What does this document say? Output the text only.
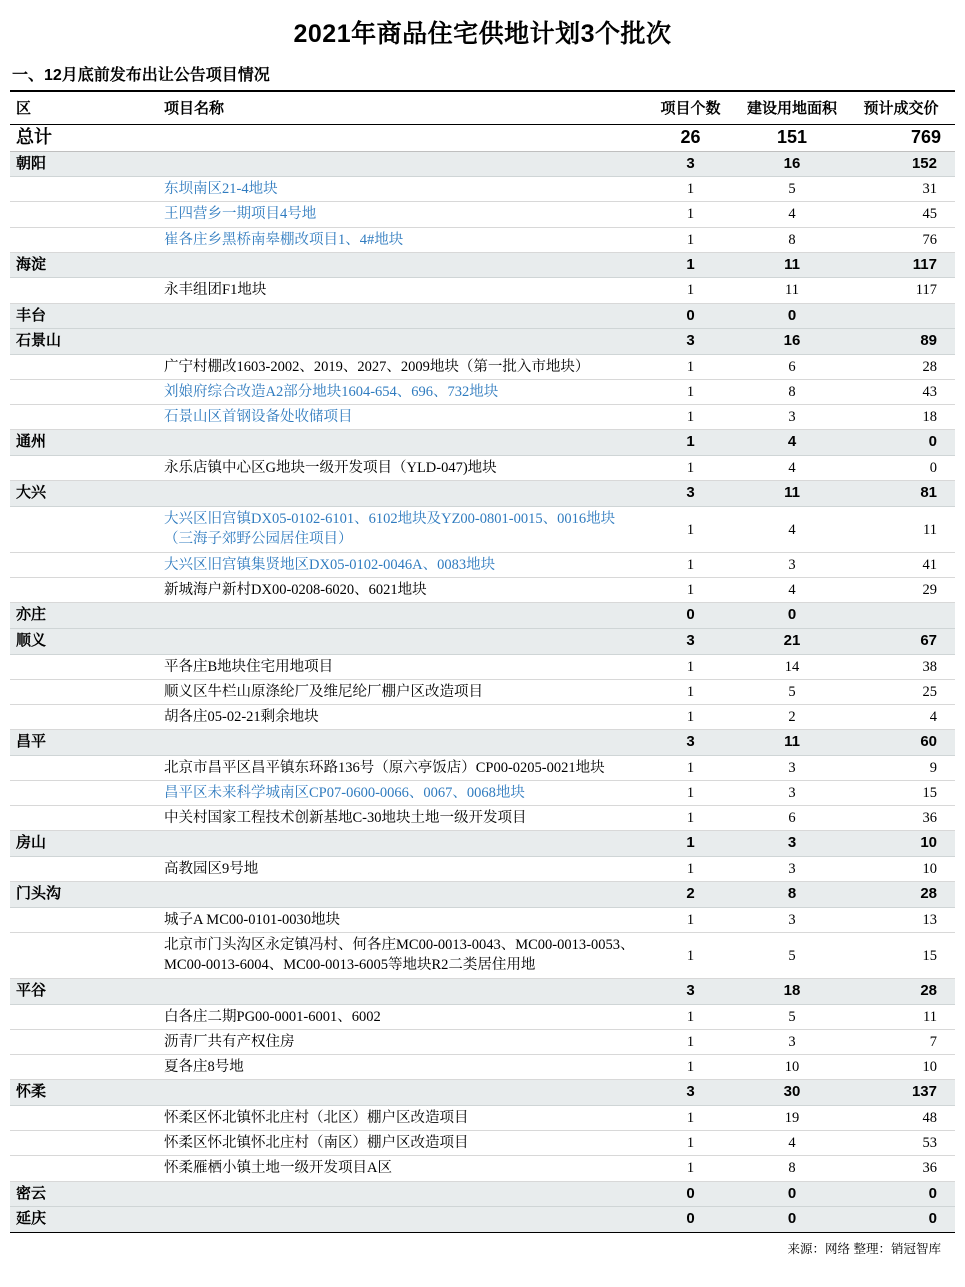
2021年商品住宅供地计划3个批次
一、12月底前发布出让公告项目情况
区	项目名称	项目个数	建设用地面积	预计成交价
总计		26	151	769
朝阳		3	16	152
	东坝南区21-4地块	1	5	31
	王四营乡一期项目4号地	1	4	45
	崔各庄乡黑桥南皋棚改项目1、4#地块	1	8	76
海淀		1	11	117
	永丰组团F1地块	1	11	117
丰台		0	0	
石景山		3	16	89
	广宁村棚改1603-2002、2019、2027、2009地块（第一批入市地块）	1	6	28
	刘娘府综合改造A2部分地块1604-654、696、732地块	1	8	43
	石景山区首钢设备处收储项目	1	3	18
通州		1	4	0
	永乐店镇中心区G地块一级开发项目（YLD-047)地块	1	4	0
大兴		3	11	81
	大兴区旧宫镇DX05-0102-6101、6102地块及YZ00-0801-0015、0016地块（三海子郊野公园居住项目）	1	4	11
	大兴区旧宫镇集贤地区DX05-0102-0046A、0083地块	1	3	41
	新城海户新村DX00-0208-6020、6021地块	1	4	29
亦庄		0	0	
顺义		3	21	67
	平各庄B地块住宅用地项目	1	14	38
	顺义区牛栏山原涤纶厂及维尼纶厂棚户区改造项目	1	5	25
	胡各庄05-02-21剩余地块	1	2	4
昌平		3	11	60
	北京市昌平区昌平镇东环路136号（原六亭饭店）CP00-0205-0021地块	1	3	9
	昌平区未来科学城南区CP07-0600-0066、0067、0068地块	1	3	15
	中关村国家工程技术创新基地C-30地块土地一级开发项目	1	6	36
房山		1	3	10
	高教园区9号地	1	3	10
门头沟		2	8	28
	城子A MC00-0101-0030地块	1	3	13
	北京市门头沟区永定镇冯村、何各庄MC00-0013-0043、MC00-0013-0053、MC00-0013-6004、MC00-0013-6005等地块R2二类居住用地	1	5	15
平谷		3	18	28
	白各庄二期PG00-0001-6001、6002	1	5	11
	沥青厂共有产权住房	1	3	7
	夏各庄8号地	1	10	10
怀柔		3	30	137
	怀柔区怀北镇怀北庄村（北区）棚户区改造项目	1	19	48
	怀柔区怀北镇怀北庄村（南区）棚户区改造项目	1	4	53
	怀柔雁栖小镇土地一级开发项目A区	1	8	36
密云		0	0	0
延庆		0	0	0
来源：网络 整理：销冠智库
